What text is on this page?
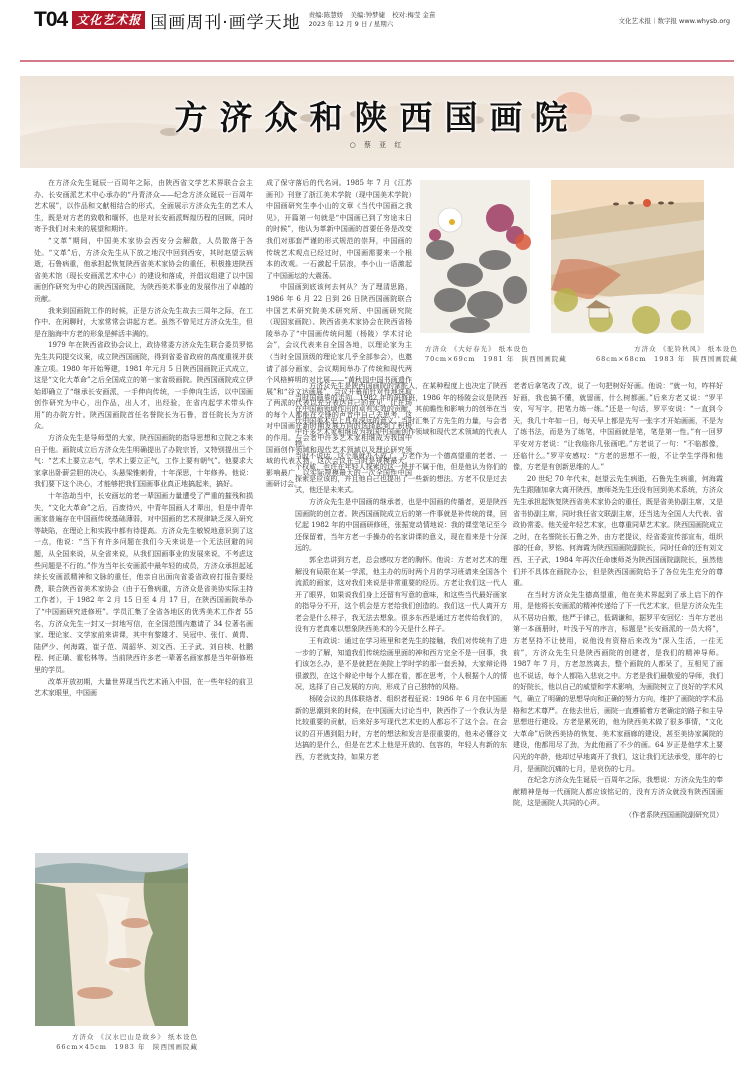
T04 文化艺术报 国画周刊·画学天地 责编:陈慧娇 美编:钟梦婕 校对:梅莹 金苗
2023 年 12 月 9 日 / 星期六	文化艺术报｜数字报 www.whysb.org
方济众和陕西国画院
○ 蔡 亚 红

在方济众先生诞辰一百周年之际，由陕西省文学艺术界联合会主办、长安画派艺术中心承办的“丹青济众——纪念方济众诞辰一百周年艺术展”，以作品和文献相结合的形式，全面展示方济众先生的艺术人生，既是对方老的致敬和缅怀，也是对长安画派辉煌历程的回顾，同时寄予我们对未来的展望和期许。

“文革”期间，中国美术家协会西安分会解散，人员散落于各处。“文革”后，方济众先生从下放之地汉中回到西安，其时赵望云病逝，石鲁病重，他承担起恢复陕西省美术家协会的重任，积极推进陕西省美术馆（现长安画派艺术中心）的建设和落成，并倡议组建了以中国画创作研究为中心的陕西国画院，为陕西美术事业的发展作出了卓越的贡献。

我来到国画院工作的时候，正是方济众先生故去三周年之际，在工作中、在闲聊时，大家常常会讲起方老。虽然不曾见过方济众先生，但是在脑海中方老的形象是鲜活丰满的。

1979 年在陕西省政协会议上，政协常委方济众先生联合委员罗铭先生共同提交议案，成立陕西国画院，得到省委省政府的高度重视并获准立项。1980 年开始筹建，1981 年元月 5 日陕西国画院正式成立，这是“文化大革命”之后全国成立的第一家省级画院。陕西国画院成立伊始即确立了“继承长安画派，一手伸向传统，一手伸向生活，以中国画创作研究为中心，出作品，出人才，出经验，在省内起学术带头作用”的办院方针。陕西国画院首任名誉院长为石鲁，首任院长为方济众。

方济众先生是导师型的大家，陕西国画院的指导思想和立院之本来自于他。画院成立后方济众先生明确提出了办院宗旨，又特别提出三个气：“艺术上要立志气，学术上要立正气，工作上要有朝气”。他要求大家拿出卧薪尝胆的决心，头悬梁锥刺骨，十年深思，十年修养。他说：我们要下这个决心，才能够把我们国画事业真正地搞起来，搞好。

十年浩劫当中，长安画坛的老一辈国画力量遭受了严重的摧残和损失，“文化大革命”之后，百废待兴，中青年国画人才辈出，但是中青年画家普遍存在中国画传统基础薄弱，对中国画的艺术规律缺乏深入研究等缺陷，在理论上和实践中都有待提高。方济众先生敏锐地意识到了这一点，他说：“当下有许多问题在我们今天来说是一个无法回避的问题，从全国来说，从全省来说，从我们国画事业的发展来说，不考虑这些问题是不行的。”作为当年长安画派中最年轻的成员，方济众承担起延续长安画派精神和文脉的重任，他亲自出面向省委省政府打报告要经费，联合陕西省美术家协会（由于石鲁病重，方济众是省美协实际主持工作者），于 1982 年 2 月 15 日至 4 月 17 日，在陕西国画院举办了“中国画研究进修班”。学员汇集了全省各地区的优秀美术工作者 55 名，方济众先生一封又一封地写信，在全国范围内邀请了 34 位著名画家、理论家、文学家前来讲课，其中有黎雄才、吴冠中、张仃、黄胄、陆俨少、何海霞、崔子范、周韶华、刘文西、王子武、刘自椟、杜鹏程、何正璜、霍松林等。当前陕西许多老一辈著名画家都是当年研修班里的学员。

改革开放初期，大量世界现当代艺术涌入中国，在一些年轻的前卫艺术家眼里，中国画

成了保守落后的代名词。1985 年 7 月《江苏画刊》刊登了浙江美术学院（现中国美术学院）中国画研究生李小山的文章《当代中国画之我见》，开篇第一句就是“中国画已到了穷途末日的时候”，他认为革新中国画的首要任务是改变我们对那套严谨的形式规范的崇拜，中国画的传统艺术观点已经过时，中国画需要来一个根本的改观。一石激起千层浪，李小山一语激起了中国画坛的大震荡。

中国画到底该何去何从？为了理清思路，1986 年 6 月 22 日到 26 日陕西国画院联合中国艺术研究院美术研究所、中国画研究院（现国家画院）、陕西省美术家协会在陕西省杨陵举办了“中国画传统问题（杨陵）学术讨论会”，会议代表来自全国各地，以理论家为主（当时全国顶级的理论家几乎全部参会），也邀请了部分画家，会议期间举办了传统和现代两个风格鲜明的对比展——“黄秋园中国书画遗作展”和“谷文达画展”，会议开幕前针对性地选取了两派的代表以充分表达自己的意见，让在场的每个人都能在交锋的声音中自己去思考，这对中国画在新时期发展方向的选择起到了积极的作用。与会者中许多艺术家相继成为我国中国画创作领域和现代艺术领域以及理论研究领域的代表人物。这次会议在当时是规模最大、影响最广、以实际规模最大的一次全国性中国画研讨会。

方济众先生是陕西国画院的掌舵人，在某种程度上也决定了陕西当时国画界的走向。1982 年的研修班，1986 年的杨陵会议是陕西在中国画领域作出的卓有实效的贡献，其前瞻性和影响力的创举在当代中国美术史上具有深远的意义。当时汇集了方先生的力量，与会者中许多艺术家相继成为我国中国画创作领域和现代艺术领域的代表人物。

当时不说话，这个事就办不成了。方老作为一个德高望重的老者、一个权威，也许在年轻人探索的这一块并不属于他，但是他认为你们的探索是应该的，并且他自己也提出了一些新的想法。方老不仅是过去式，他还是未来式。

方济众先生是中国画的继承者，也是中国画的传播者，更是陕西国画院的创立者。陕西国画院成立后的第一件事就是补传统的课，回忆起 1982 年的中国画研修班，张振宽动情地说：我的课堂笔记至今还保留着，当年方老一手操办的名家讲课的意义，现在看来是十分深远的。

郭全忠讲到方老，总会感叹方老的胸怀。他说：方老对艺术的理解没有局限在某一学派，他主办的历时两个月的学习班请来全国各个流派的画家，这对我们来说是非常重要的经历。方老让我们这一代人开了眼界，如果说我们身上还留有写意的意味，和这些当代最好画家的指导分不开，这个机会是方老给我们创造的。我们这一代人离开方老会是什么样子，我无法去想象。很多东西是通过方老传给我们的，没有方老真难以想象陕西美术的今天是什么样子。

王有政说：通过在学习班里和老先生的接触，我们对传统有了进一步的了解，知道我们传统绘画里面的神和西方完全不是一回事，我们该怎么办，是不是就把在美院上学时学的那一套丢掉，大家辩论得很激烈，在这个辩论中每个人都在看，都在思考，个人根据个人的情况，选择了自己发展的方向，形成了自己独特的风格。

杨陵会议的具体联络者、组织者程征说：1986 年 6 月在中国画新的思潮到来的时候，在中国画大讨论当中，陕西作了一个我认为是比较重要的贡献，后来好多写现代艺术史的人都忘不了这个会。在会议的召开遇到阻力时，方老的想法和发言是很重要的，他未必懂谷文达搞的是什么，但是在艺术上他是开放的、包容的，年轻人有新的东西，方老就支持，如果方老

老者后拿笔改了改，说了一句把树好好画。他说：“就一句，咋样好好画，我也搞不懂，就留画，什么树都画。”后来方老又说：“罗平安，写写字，把笔力练一练。”还是一句话，罗平安说：“一直到今天，我几十年如一日，每天早上都是先写一张字才开始画画，不是为了练书法，而是为了练笔，中国画就是笔，笔是第一性。”有一回罗平安对方老说：“让我临你几张画吧。”方老说了一句：“不临都像，还临什么。”罗平安感叹：“方老的思想不一般，不让学生学得和他像，方老是有创新思维的人。”

20 世纪 70 年代末，赵望云先生病逝，石鲁先生病重，何海霞先生跟随加拿大离开陕西，康师尧先生还没有回到美术系统，方济众先生承担起恢复陕西省美术家协会的重任，既是省美协副主席，又是省书协副主席，同时我任省文联副主席，还当选为全国人大代表、省政协常委。他关爱年轻艺术家，也尊重同辈艺术家。陕西国画院成立之时，在名誉院长石鲁之外，由方老提议，经省委宣传部宣布，组织部的任命，罗铭、何海霞为陕西国画院副院长，同时任命的还有刘文西、王子武，1984 年再次任命康师尧为陕西国画院副院长，虽然他们并不具体在画院办公，但是陕西国画院给予了各位先生充分的尊重。

在当时方济众先生德高望重，他在美术界起到了承上启下的作用，是他将长安画派的精神传递给了下一代艺术家，但是方济众先生从不居功自傲，他严于律己，低调谦和，据罗平安回忆：当年方老出第一本画册时，叶浅予写的序言，标题是“长安画派的一员大将”，方老坚持不让使用，说他没有资格后来改为“深入生活，一往无前”，方济众先生只是陕西画院的创建者，是我们的精神导师。1987 年 7 月，方老忽然离去，整个画院的人都呆了，互相见了面也不说话，每个人都陷入悲哀之中。方老是我们最敬爱的导师，我们的好院长，他以自己的威望和学术影响，为画院树立了良好的学术风气，确立了明确的思想导向和正确的努力方向，维护了画院的学术品格和艺术尊严。在他去世后，画院一直遵循着方老确定的路子和主导思想进行建设。方老是累死的，他为陕西美术做了很多事情，“文化大革命”后陕西美协的恢复、美术家画廊的建设，甚至美协家属院的建设，他都用尽了劲，为此他画了不少的画。64 岁正是他学术上要闪光的年龄，他却过早地离开了我们，这让我们无法承受，那年的七月，是画院沉痛的七月，是哀伤的七月。

在纪念方济众先生诞辰一百周年之际，我想说：方济众先生的奉献精神是每一代画院人都应该铭记的，没有方济众就没有陕西国画院，这是画院人共同的心声。

（作者系陕西国画院副研究员）

方济众 《大好春光》 纸本设色
70cm×69cm　1981 年　陕西国画院藏
方济众 《驼铃秋风》 纸本设色
68cm×68cm　1983 年　陕西国画院藏
方济众 《汉水巴山是故乡》 纸本设色
66cm×45cm　1983 年　陕西国画院藏
